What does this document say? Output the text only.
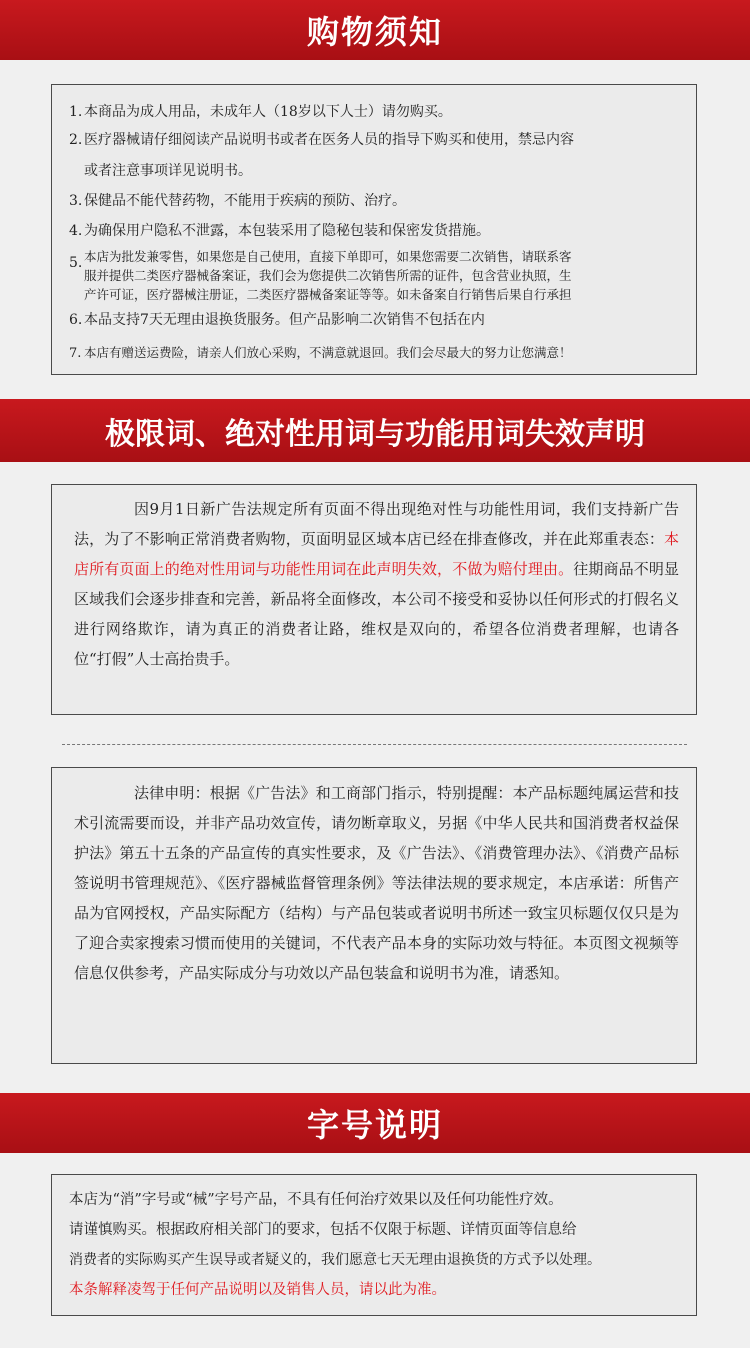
购物须知
1. 本商品为成人用品，未成年人（18岁以下人士）请勿购买。
2. 医疗器械请仔细阅读产品说明书或者在医务人员的指导下购买和使用，禁忌内容
或者注意事项详见说明书。
3. 保健品不能代替药物，不能用于疾病的预防、治疗。
4. 为确保用户隐私不泄露，本包装采用了隐秘包装和保密发货措施。
5. 本店为批发兼零售，如果您是自己使用，直接下单即可，如果您需要二次销售，请联系客
服并提供二类医疗器械备案证，我们会为您提供二次销售所需的证件，包含营业执照，生
产许可证，医疗器械注册证，二类医疗器械备案证等等。如未备案自行销售后果自行承担
6. 本品支持7天无理由退换货服务。但产品影响二次销售不包括在内
7. 本店有赠送运费险，请亲人们放心采购，不满意就退回。我们会尽最大的努力让您满意！
极限词、绝对性用词与功能用词失效声明
因9月1日新广告法规定所有页面不得出现绝对性与功能性用词，我们支持新广告法，为了不影响正常消费者购物，页面明显区域本店已经在排查修改，并在此郑重表态：本店所有页面上的绝对性用词与功能性用词在此声明失效，不做为赔付理由。往期商品不明显区域我们会逐步排查和完善，新品将全面修改，本公司不接受和妥协以任何形式的打假名义进行网络欺诈，请为真正的消费者让路，维权是双向的，希望各位消费者理解，也请各位“打假”人士高抬贵手。
法律申明：根据《广告法》和工商部门指示，特别提醒：本产品标题纯属运营和技术引流需要而设，并非产品功效宣传，请勿断章取义，另据《中华人民共和国消费者权益保护法》第五十五条的产品宣传的真实性要求，及《广告法》、《消费管理办法》、《消费产品标签说明书管理规范》、《医疗器械监督管理条例》等法律法规的要求规定，本店承诺：所售产品为官网授权，产品实际配方（结构）与产品包装或者说明书所述一致宝贝标题仅仅只是为了迎合卖家搜索习惯而使用的关键词，不代表产品本身的实际功效与特征。本页图文视频等信息仅供参考，产品实际成分与功效以产品包装盒和说明书为准，请悉知。
字号说明
本店为“消”字号或“械”字号产品，不具有任何治疗效果以及任何功能性疗效。
请谨慎购买。根据政府相关部门的要求，包括不仅限于标题、详情页面等信息给
消费者的实际购买产生误导或者疑义的，我们愿意七天无理由退换货的方式予以处理。
本条解释凌驾于任何产品说明以及销售人员，请以此为准。
